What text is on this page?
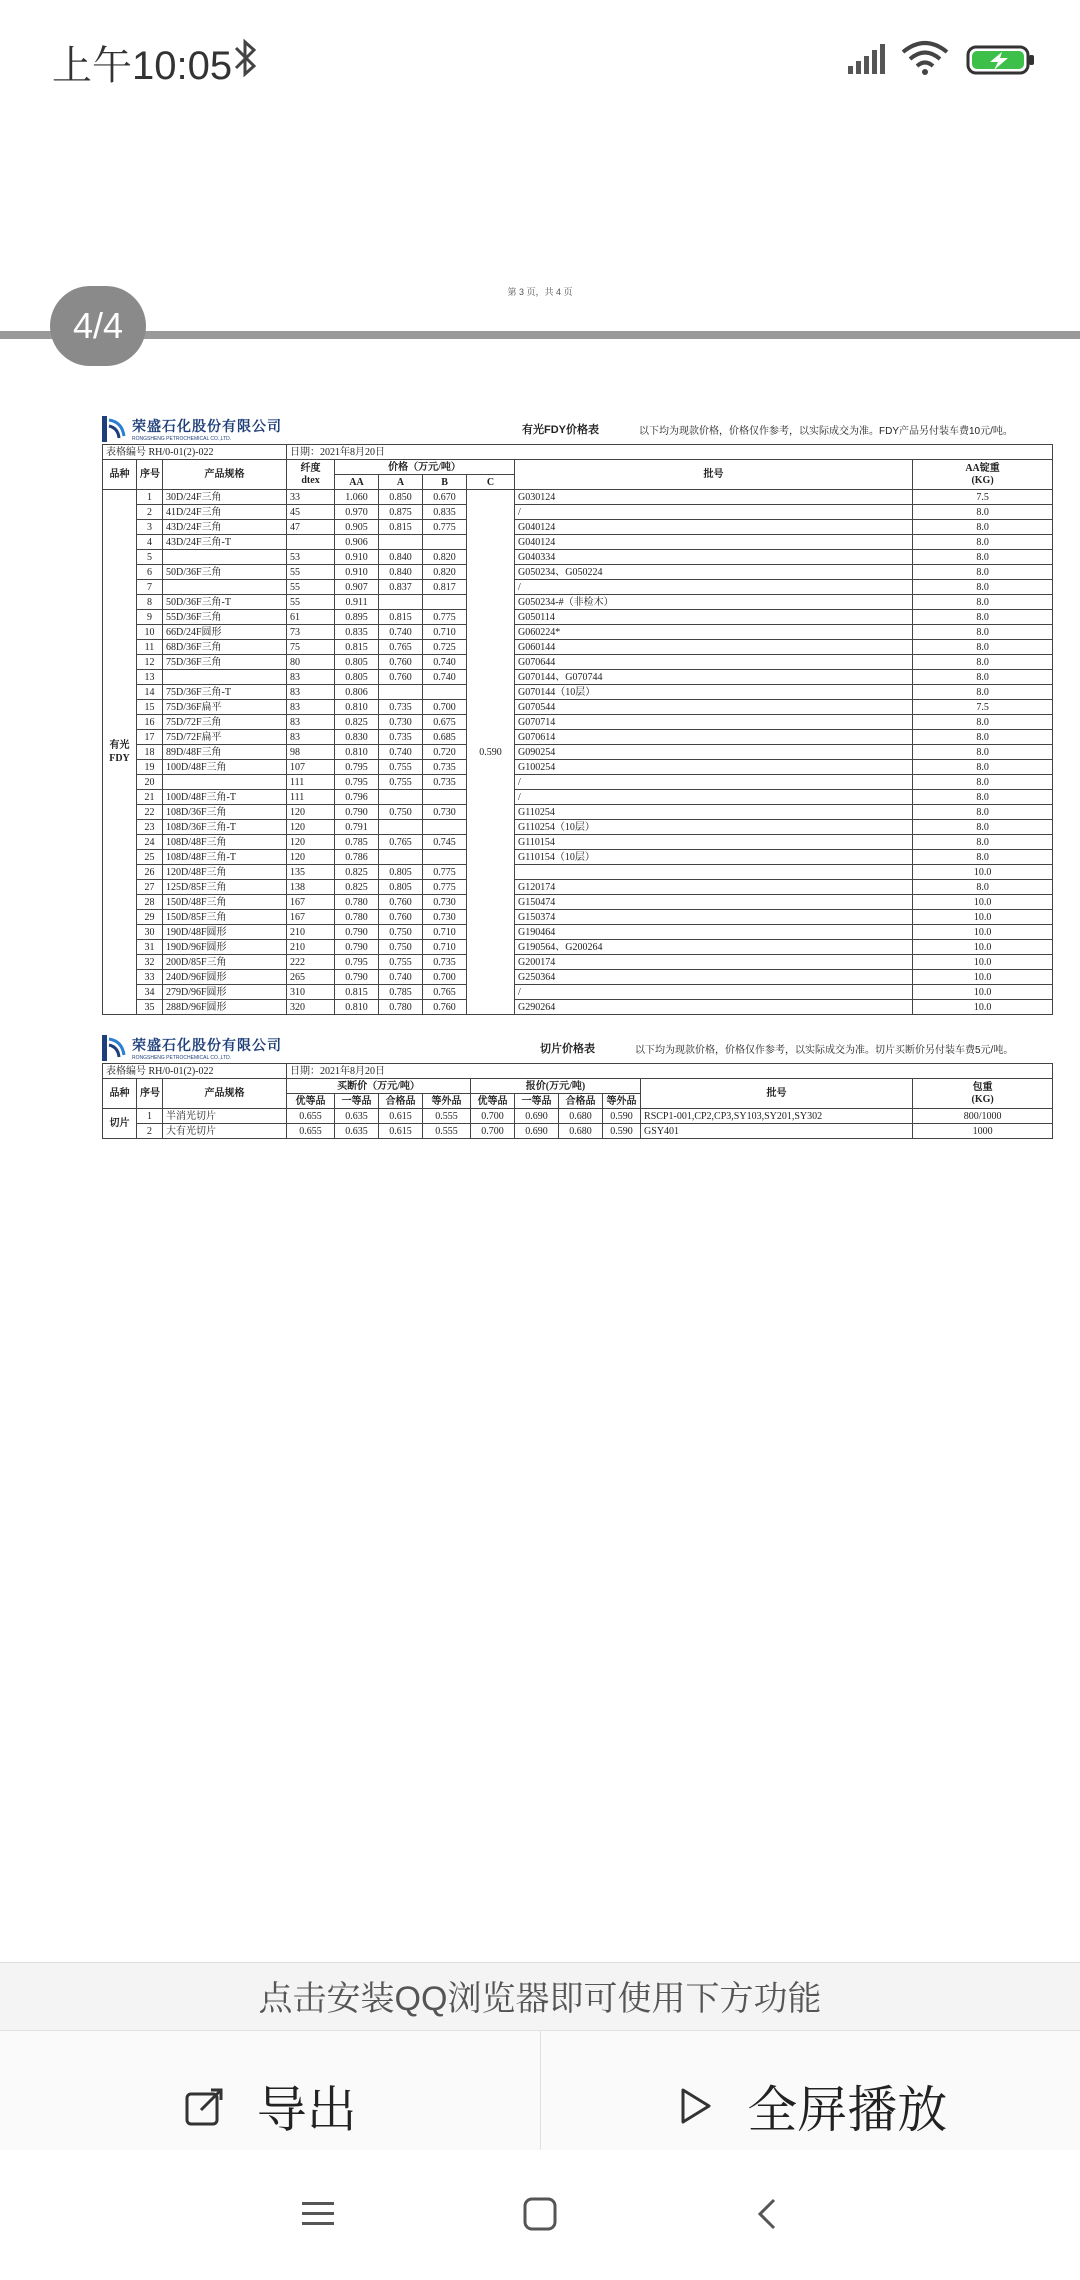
上午10:05
第 3 页，共 4 页
4/4
荣盛石化股份有限公司
RONGSHENG PETROCHEMICAL CO.,LTD.
有光FDY价格表	以下均为现款价格，价格仅作参考，以实际成交为准。FDY产品另付装车费10元/吨。
表格编号 RH/0-01(2)-022			日期：2021年8月20日						
品种	序号	产品规格	纤度
dtex	价格（万元/吨）				批号	AA锭重
(KG)
				AA	A	B	C		
有光
FDY	1	30D/24F三角	33	1.060	0.850	0.670	0.590	G030124	7.5
	2	41D/24F三角	45	0.970	0.875	0.835		/	8.0
	3	43D/24F三角	47	0.905	0.815	0.775		G040124	8.0
	4	43D/24F三角-T		0.906				G040124	8.0
	5		53	0.910	0.840	0.820		G040334	8.0
	6	50D/36F三角	55	0.910	0.840	0.820		G050234、G050224	8.0
	7		55	0.907	0.837	0.817		/	8.0
	8	50D/36F三角-T	55	0.911				G050234-#（非检木）	8.0
	9	55D/36F三角	61	0.895	0.815	0.775		G050114	8.0
	10	66D/24F圆形	73	0.835	0.740	0.710		G060224*	8.0
	11	68D/36F三角	75	0.815	0.765	0.725		G060144	8.0
	12	75D/36F三角	80	0.805	0.760	0.740		G070644	8.0
	13		83	0.805	0.760	0.740		G070144、G070744	8.0
	14	75D/36F三角-T	83	0.806				G070144（10层）	8.0
	15	75D/36F扁平	83	0.810	0.735	0.700		G070544	7.5
	16	75D/72F三角	83	0.825	0.730	0.675		G070714	8.0
	17	75D/72F扁平	83	0.830	0.735	0.685		G070614	8.0
	18	89D/48F三角	98	0.810	0.740	0.720		G090254	8.0
	19	100D/48F三角	107	0.795	0.755	0.735		G100254	8.0
	20		111	0.795	0.755	0.735		/	8.0
	21	100D/48F三角-T	111	0.796				/	8.0
	22	108D/36F三角	120	0.790	0.750	0.730		G110254	8.0
	23	108D/36F三角-T	120	0.791				G110254（10层）	8.0
	24	108D/48F三角	120	0.785	0.765	0.745		G110154	8.0
	25	108D/48F三角-T	120	0.786				G110154（10层）	8.0
	26	120D/48F三角	135	0.825	0.805	0.775			10.0
	27	125D/85F三角	138	0.825	0.805	0.775		G120174	8.0
	28	150D/48F三角	167	0.780	0.760	0.730		G150474	10.0
	29	150D/85F三角	167	0.780	0.760	0.730		G150374	10.0
	30	190D/48F圆形	210	0.790	0.750	0.710		G190464	10.0
	31	190D/96F圆形	210	0.790	0.750	0.710		G190564、G200264	10.0
	32	200D/85F三角	222	0.795	0.755	0.735		G200174	10.0
	33	240D/96F圆形	265	0.790	0.740	0.700		G250364	10.0
	34	279D/96F圆形	310	0.815	0.785	0.765		/	10.0
	35	288D/96F圆形	320	0.810	0.780	0.760		G290264	10.0
荣盛石化股份有限公司
RONGSHENG PETROCHEMICAL CO.,LTD.
切片价格表	以下均为现款价格，价格仅作参考，以实际成交为准。切片买断价另付装车费5元/吨。
表格编号 RH/0-01(2)-022			日期：2021年8月20日									
品种	序号	产品规格	买断价（万元/吨）				报价(万元/吨)				批号	包重
(KG)
			优等品	一等品	合格品	等外品	优等品	一等品	合格品	等外品		
切片	1	半消光切片	0.655	0.635	0.615	0.555	0.700	0.690	0.680	0.590	RSCP1-001,CP2,CP3,SY103,SY201,SY302	800/1000
	2	大有光切片	0.655	0.635	0.615	0.555	0.700	0.690	0.680	0.590	GSY401	1000
点击安装QQ浏览器即可使用下方功能
导出	全屏播放
